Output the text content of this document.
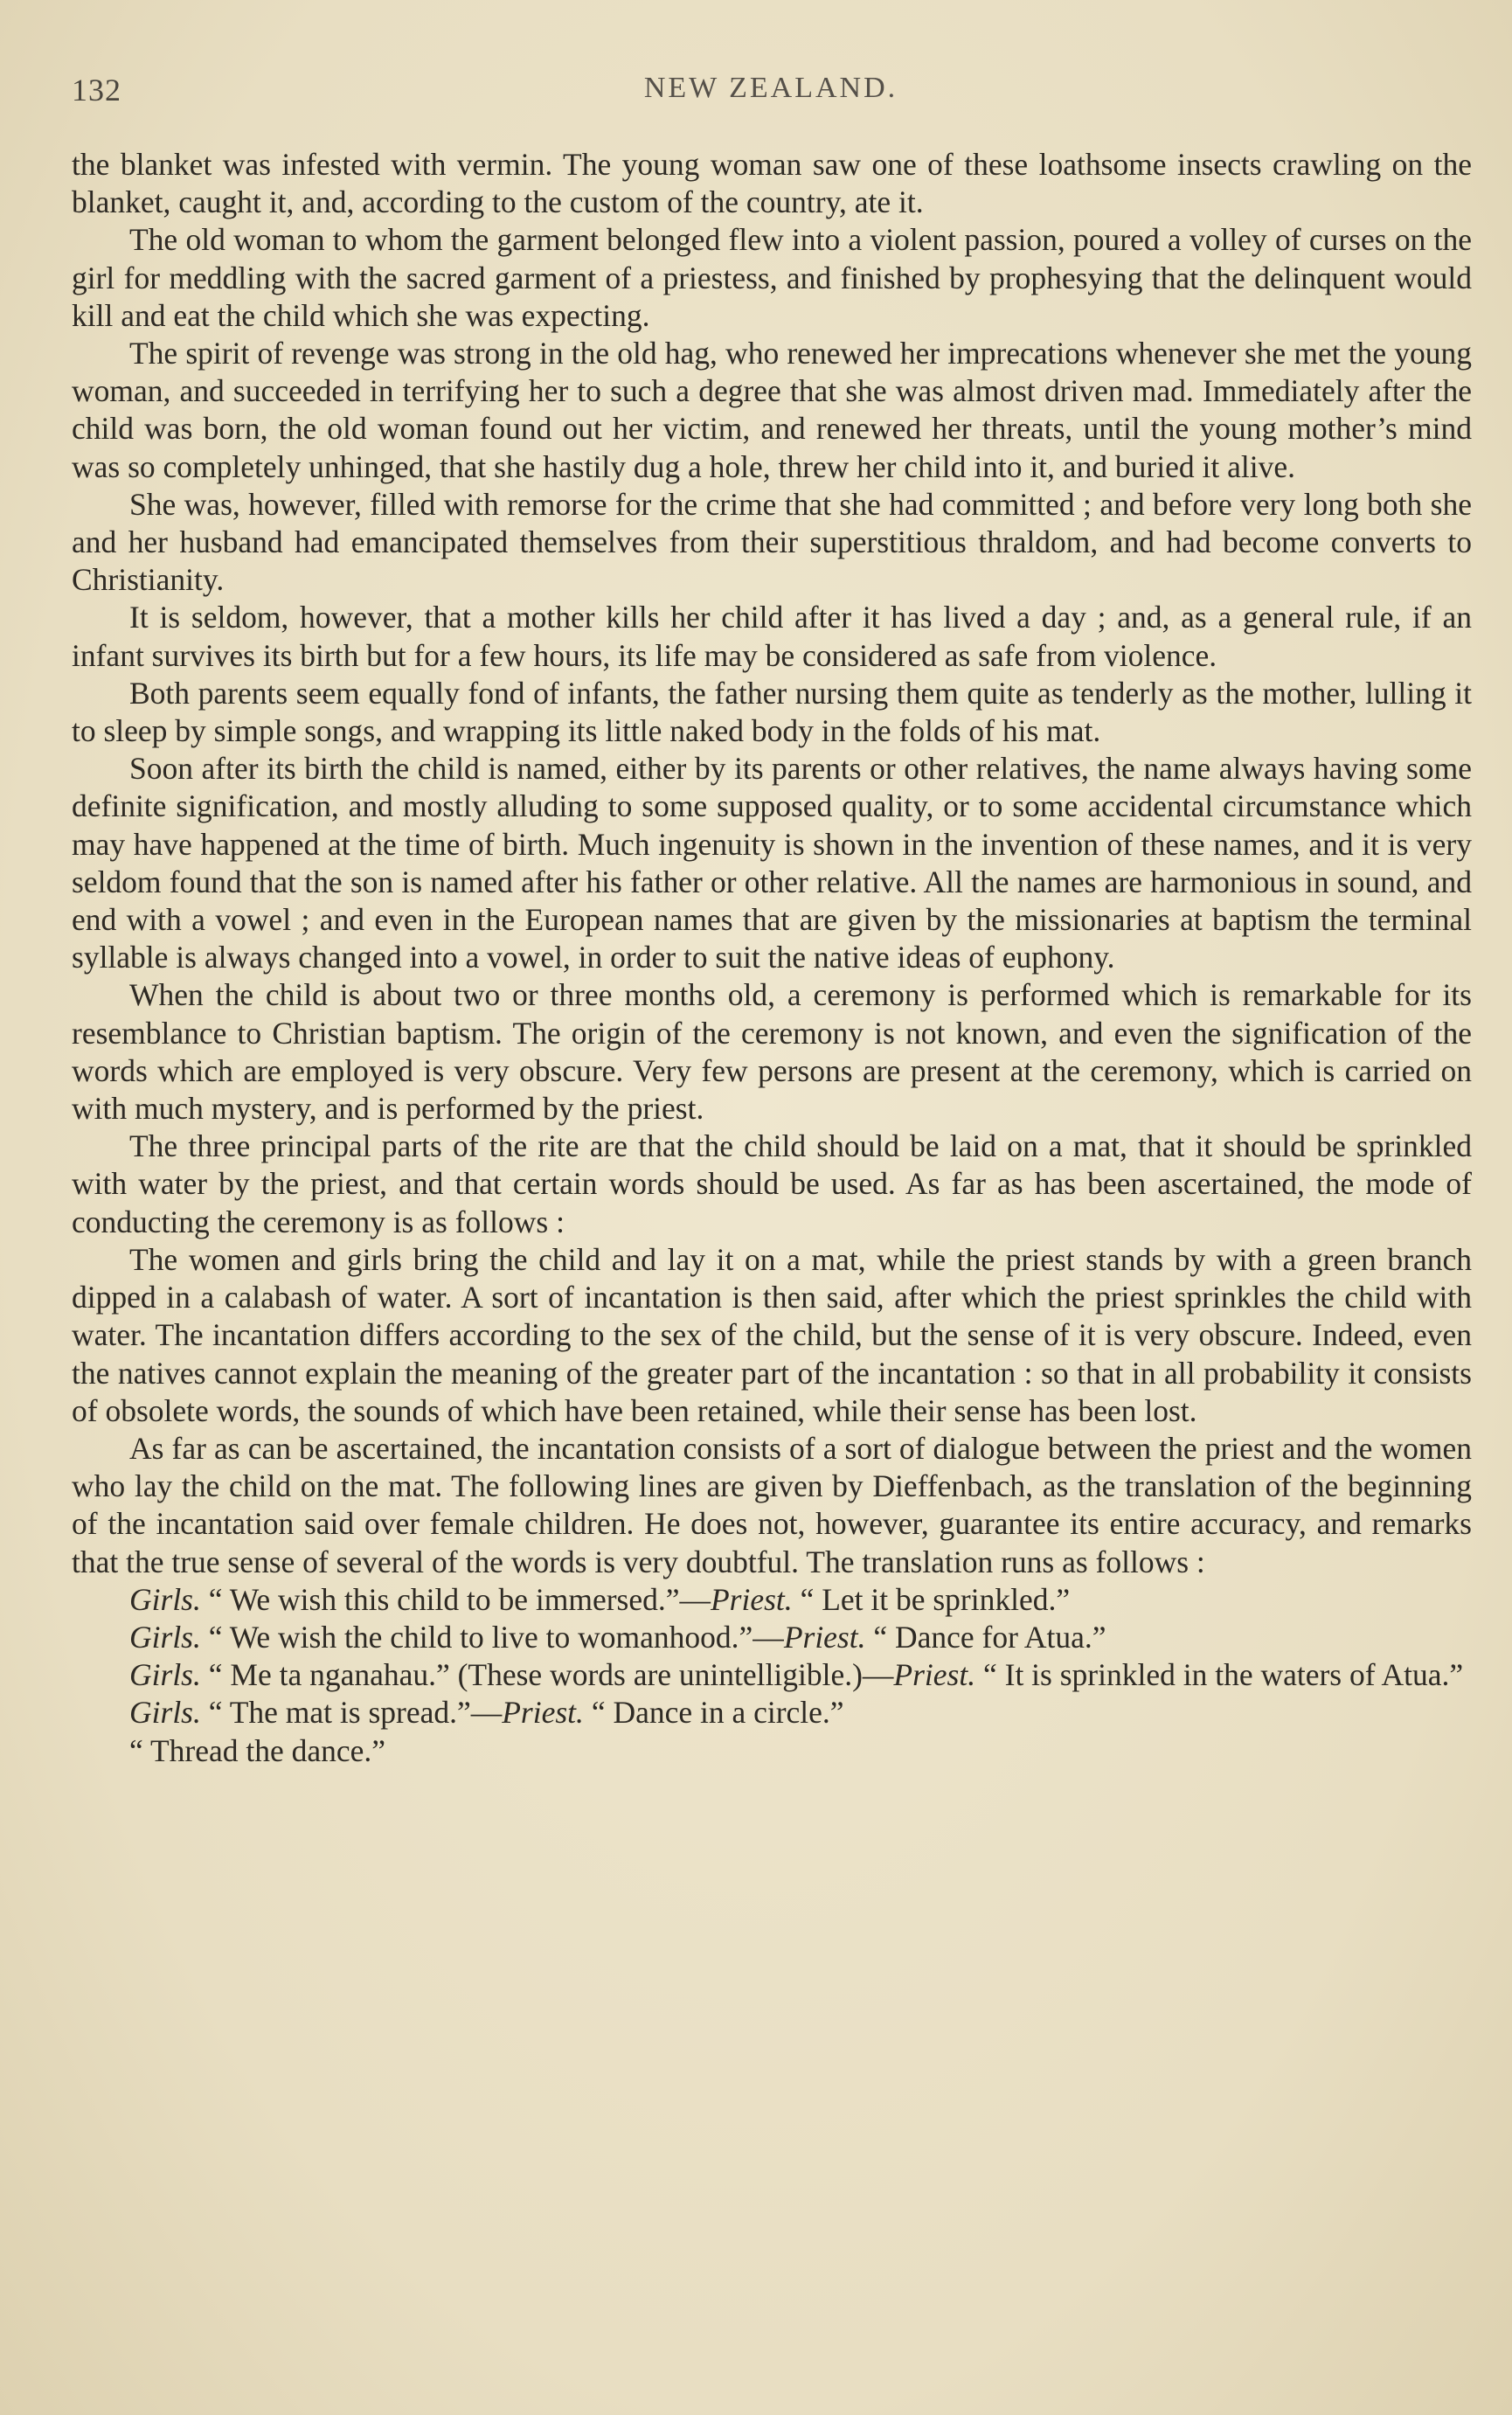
132	NEW ZEALAND.

the blanket was infested with vermin. The young woman saw one of these loathsome insects crawling on the blanket, caught it, and, according to the custom of the country, ate it.

The old woman to whom the garment belonged flew into a violent passion, poured a volley of curses on the girl for meddling with the sacred garment of a priestess, and finished by prophesying that the delinquent would kill and eat the child which she was expecting.

The spirit of revenge was strong in the old hag, who renewed her imprecations whenever she met the young woman, and succeeded in terrifying her to such a degree that she was almost driven mad. Immediately after the child was born, the old woman found out her victim, and renewed her threats, until the young mother’s mind was so completely unhinged, that she hastily dug a hole, threw her child into it, and buried it alive.

She was, however, filled with remorse for the crime that she had committed ; and before very long both she and her husband had emancipated themselves from their superstitious thraldom, and had become converts to Christianity.

It is seldom, however, that a mother kills her child after it has lived a day ; and, as a general rule, if an infant survives its birth but for a few hours, its life may be considered as safe from violence.

Both parents seem equally fond of infants, the father nursing them quite as tenderly as the mother, lulling it to sleep by simple songs, and wrapping its little naked body in the folds of his mat.

Soon after its birth the child is named, either by its parents or other relatives, the name always having some definite signification, and mostly alluding to some supposed quality, or to some accidental circumstance which may have happened at the time of birth. Much ingenuity is shown in the invention of these names, and it is very seldom found that the son is named after his father or other relative. All the names are harmonious in sound, and end with a vowel ; and even in the European names that are given by the missionaries at baptism the terminal syllable is always changed into a vowel, in order to suit the native ideas of euphony.

When the child is about two or three months old, a ceremony is performed which is remarkable for its resemblance to Christian baptism. The origin of the ceremony is not known, and even the signification of the words which are employed is very obscure. Very few persons are present at the ceremony, which is carried on with much mystery, and is performed by the priest.

The three principal parts of the rite are that the child should be laid on a mat, that it should be sprinkled with water by the priest, and that certain words should be used. As far as has been ascertained, the mode of conducting the ceremony is as follows :

The women and girls bring the child and lay it on a mat, while the priest stands by with a green branch dipped in a calabash of water. A sort of incantation is then said, after which the priest sprinkles the child with water. The incantation differs according to the sex of the child, but the sense of it is very obscure. Indeed, even the natives cannot explain the meaning of the greater part of the incantation : so that in all probability it consists of obsolete words, the sounds of which have been retained, while their sense has been lost.

As far as can be ascertained, the incantation consists of a sort of dialogue between the priest and the women who lay the child on the mat. The following lines are given by Dieffenbach, as the translation of the beginning of the incantation said over female children. He does not, however, guarantee its entire accuracy, and remarks that the true sense of several of the words is very doubtful. The translation runs as follows :

Girls. “ We wish this child to be immersed.”—Priest. “ Let it be sprinkled.”

Girls. “ We wish the child to live to womanhood.”—Priest. “ Dance for Atua.”

Girls. “ Me ta nganahau.” (These words are unintelligible.)—Priest. “ It is sprinkled in the waters of Atua.”

Girls. “ The mat is spread.”—Priest. “ Dance in a circle.”

“ Thread the dance.”
